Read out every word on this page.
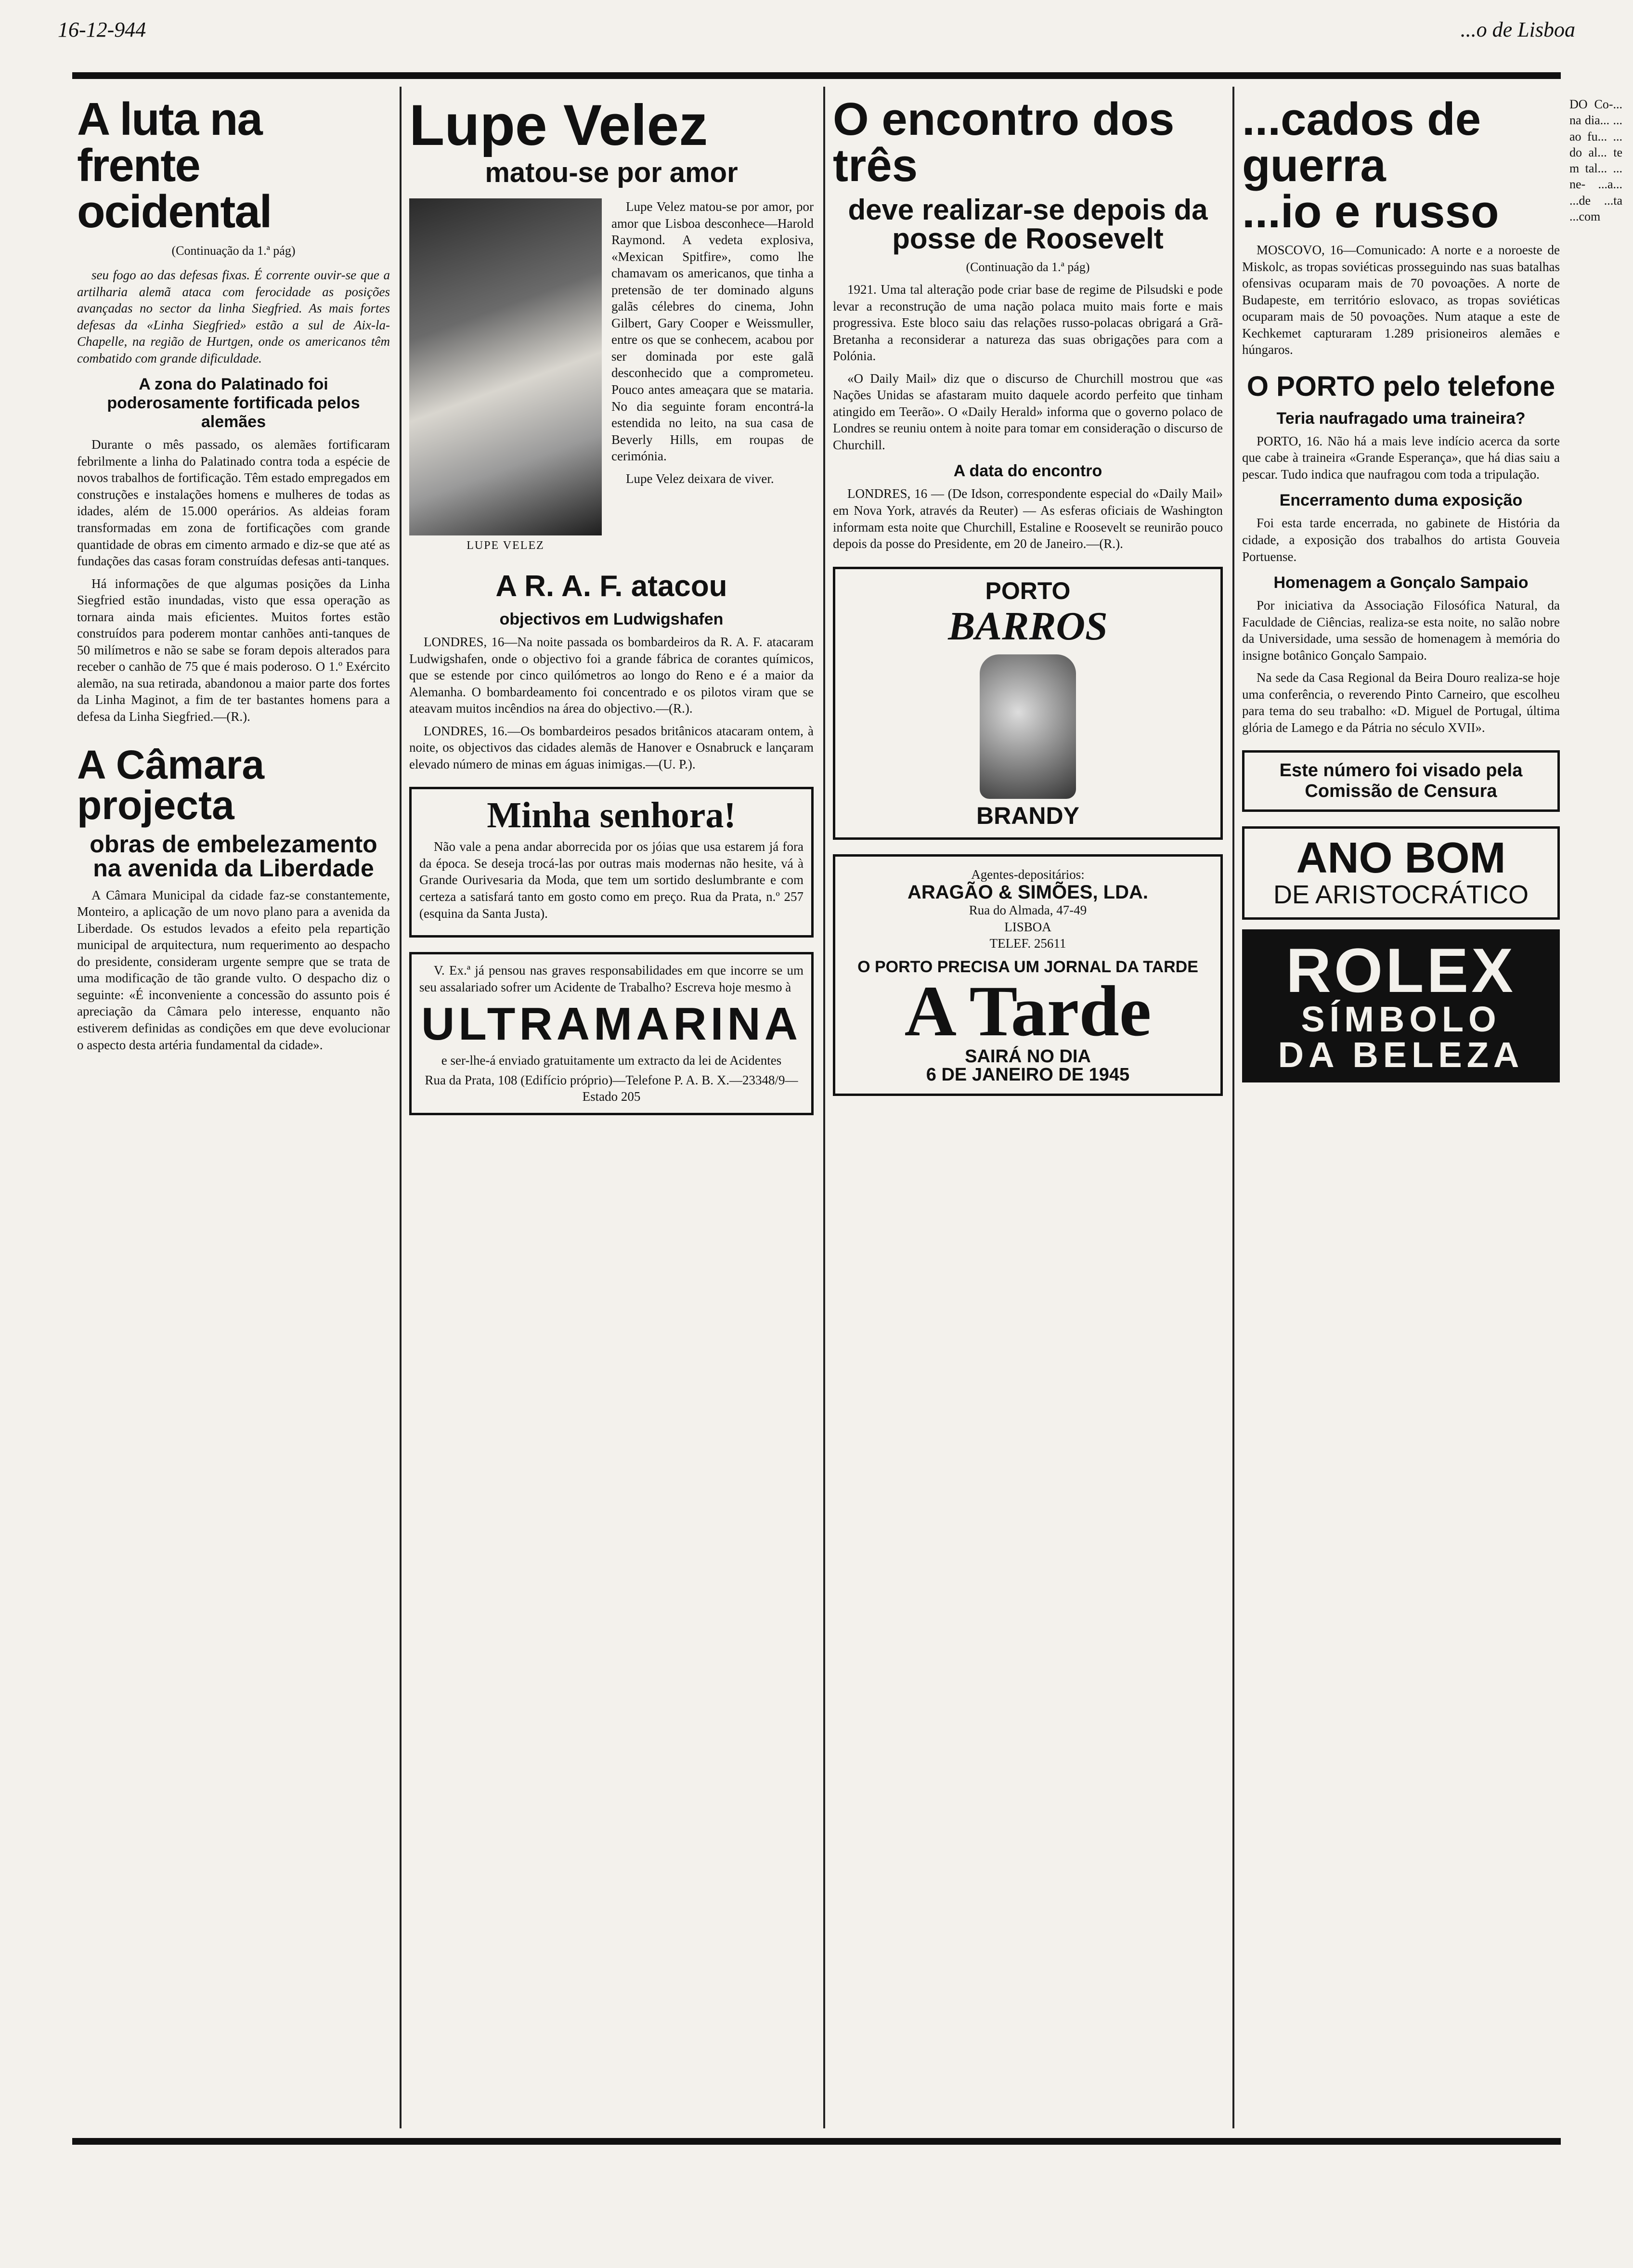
16-12-944	...o de Lisboa
A luta na frente ocidental
(Continuação da 1.ª pág)

seu fogo ao das defesas fixas. É corrente ouvir-se que a artilharia alemã ataca com ferocidade as posições avançadas no sector da linha Siegfried. As mais fortes defesas da «Linha Siegfried» estão a sul de Aix-la-Chapelle, na região de Hurtgen, onde os americanos têm combatido com grande dificuldade.

A zona do Palatinado foi poderosamente fortificada pelos alemães

Durante o mês passado, os alemães fortificaram febrilmente a linha do Palatinado contra toda a espécie de novos trabalhos de fortificação. Têm estado empregados em construções e instalações homens e mulheres de todas as idades, além de 15.000 operários. As aldeias foram transformadas em zona de fortificações com grande quantidade de obras em cimento armado e diz-se que até as fundações das casas foram construídas defesas anti-tanques.

Há informações de que algumas posições da Linha Siegfried estão inundadas, visto que essa operação as tornara ainda mais eficientes. Muitos fortes estão construídos para poderem montar canhões anti-tanques de 50 milímetros e não se sabe se foram depois alterados para receber o canhão de 75 que é mais poderoso. O 1.º Exército alemão, na sua retirada, abandonou a maior parte dos fortes da Linha Maginot, a fim de ter bastantes homens para a defesa da Linha Siegfried.—(R.).

A Câmara projecta
obras de embelezamento na avenida da Liberdade

A Câmara Municipal da cidade faz-se constantemente, Monteiro, a aplicação de um novo plano para a avenida da Liberdade. Os estudos levados a efeito pela repartição municipal de arquitectura, num requerimento ao despacho do presidente, consideram urgente sempre que se trata de uma modificação de tão grande vulto. O despacho diz o seguinte: «É inconveniente a concessão do assunto pois é apreciação da Câmara pelo interesse, enquanto não estiverem definidas as condições em que deve evolucionar o aspecto desta artéria fundamental da cidade».

Lupe Velez
matou-se por amor
LUPE VELEZ

Lupe Velez matou-se por amor, por amor que Lisboa desconhece—Harold Raymond. A vedeta explosiva, «Mexican Spitfire», como lhe chamavam os americanos, que tinha a pretensão de ter dominado alguns galãs célebres do cinema, John Gilbert, Gary Cooper e Weissmuller, entre os que se conhecem, acabou por ser dominada por este galã desconhecido que a comprometeu. Pouco antes ameaçara que se mataria. No dia seguinte foram encontrá-la estendida no leito, na sua casa de Beverly Hills, em roupas de cerimónia.

Lupe Velez deixara de viver.

A R. A. F. atacou
objectivos em Ludwigshafen

LONDRES, 16—Na noite passada os bombardeiros da R. A. F. atacaram Ludwigshafen, onde o objectivo foi a grande fábrica de corantes químicos, que se estende por cinco quilómetros ao longo do Reno e é a maior da Alemanha. O bombardeamento foi concentrado e os pilotos viram que se ateavam muitos incêndios na área do objectivo.—(R.).

LONDRES, 16.—Os bombardeiros pesados britânicos atacaram ontem, à noite, os objectivos das cidades alemãs de Hanover e Osnabruck e lançaram elevado número de minas em águas inimigas.—(U. P.).

Minha senhora!

Não vale a pena andar aborrecida por os jóias que usa estarem já fora da época. Se deseja trocá-las por outras mais modernas não hesite, vá à Grande Ourivesaria da Moda, que tem um sortido deslumbrante e com certeza a satisfará tanto em gosto como em preço. Rua da Prata, n.º 257 (esquina da Santa Justa).

V. Ex.ª já pensou nas graves responsabilidades em que incorre se um seu assalariado sofrer um Acidente de Trabalho? Escreva hoje mesmo à

ULTRAMARINA
e ser-lhe-á enviado gratuitamente um extracto da lei de Acidentes
Rua da Prata, 108 (Edifício próprio)—Telefone P. A. B. X.—23348/9—Estado 205
O encontro dos três
deve realizar-se depois da posse de Roosevelt
(Continuação da 1.ª pág)

1921. Uma tal alteração pode criar base de regime de Pilsudski e pode levar a reconstrução de uma nação polaca muito mais forte e mais progressiva. Este bloco saiu das relações russo-polacas obrigará a Grã-Bretanha a reconsiderar a natureza das suas obrigações para com a Polónia.

«O Daily Mail» diz que o discurso de Churchill mostrou que «as Nações Unidas se afastaram muito daquele acordo perfeito que tinham atingido em Teerão». O «Daily Herald» informa que o governo polaco de Londres se reuniu ontem à noite para tomar em consideração o discurso de Churchill.

A data do encontro

LONDRES, 16 — (De Idson, correspondente especial do «Daily Mail» em Nova York, através da Reuter) — As esferas oficiais de Washington informam esta noite que Churchill, Estaline e Roosevelt se reunirão pouco depois da posse do Presidente, em 20 de Janeiro.—(R.).

PORTO
BARROS
BRANDY
Agentes-depositários:
ARAGÃO & SIMÕES, LDA.
Rua do Almada, 47-49
LISBOA
TELEF. 25611
O PORTO PRECISA UM JORNAL DA TARDE
A Tarde
SAIRÁ NO DIA
6 DE JANEIRO DE 1945
...cados de guerra
...io e russo

MOSCOVO, 16—Comunicado: A norte e a noroeste de Miskolc, as tropas soviéticas prosseguindo nas suas batalhas ofensivas ocuparam mais de 70 povoações. A norte de Budapeste, em território eslovaco, as tropas soviéticas ocuparam mais de 50 povoações. Num ataque a este de Kechkemet capturaram 1.289 prisioneiros alemães e húngaros.

O PORTO pelo telefone
Teria naufragado uma traineira?

PORTO, 16. Não há a mais leve indício acerca da sorte que cabe à traineira «Grande Esperança», que há dias saiu a pescar. Tudo indica que naufragou com toda a tripulação.

Encerramento duma exposição

Foi esta tarde encerrada, no gabinete de História da cidade, a exposição dos trabalhos do artista Gouveia Portuense.

Homenagem a Gonçalo Sampaio

Por iniciativa da Associação Filosófica Natural, da Faculdade de Ciências, realiza-se esta noite, no salão nobre da Universidade, uma sessão de homenagem à memória do insigne botânico Gonçalo Sampaio.

Na sede da Casa Regional da Beira Douro realiza-se hoje uma conferência, o reverendo Pinto Carneiro, que escolheu para tema do seu trabalho: «D. Miguel de Portugal, última glória de Lamego e da Pátria no século XVII».

Este número foi visado pela Comissão de Censura
ANO BOM
DE ARISTOCRÁTICO
ROLEX
SÍMBOLO
DA BELEZA
DO Co-... na dia... ...ao fu... ...do al... tem tal... ...ne- ...a... ...de ...ta ...com
